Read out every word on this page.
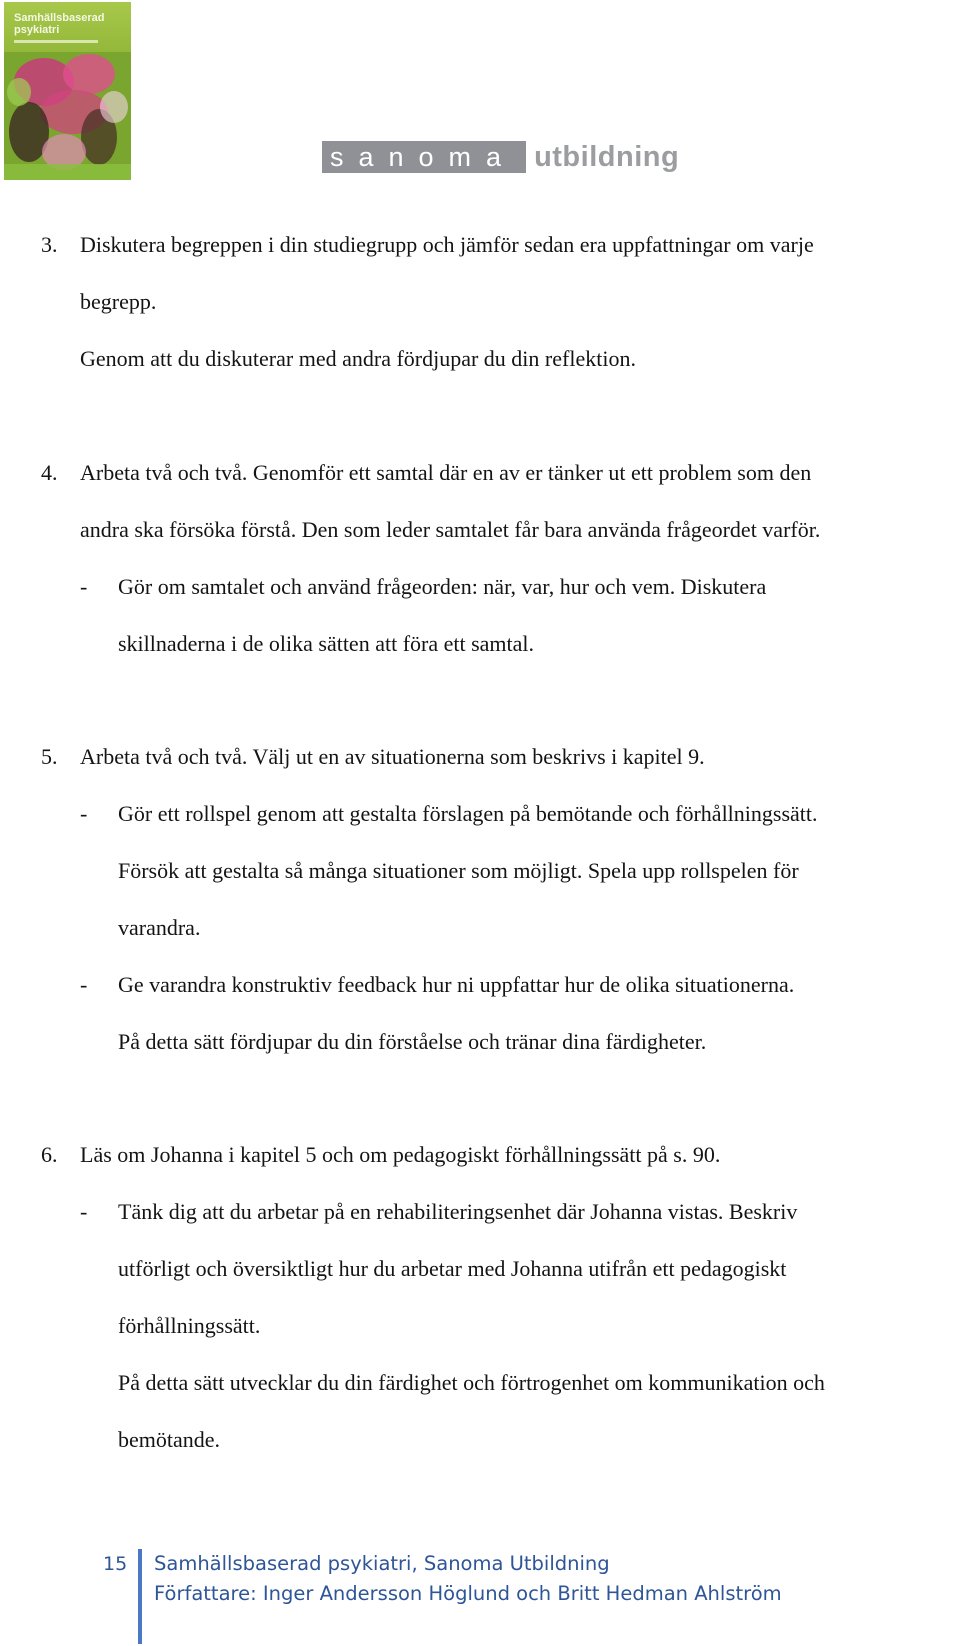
Samhällsbaserad
psykiatri
sanoma utbildning
3. Diskutera begreppen i din studiegrupp och jämför sedan era uppfattningar om varje
begrepp.
Genom att du diskuterar med andra fördjupar du din reflektion.
4. Arbeta två och två. Genomför ett samtal där en av er tänker ut ett problem som den
andra ska försöka förstå. Den som leder samtalet får bara använda frågeordet varför.
- Gör om samtalet och använd frågeorden: när, var, hur och vem. Diskutera
skillnaderna i de olika sätten att föra ett samtal.
5. Arbeta två och två. Välj ut en av situationerna som beskrivs i kapitel 9.
- Gör ett rollspel genom att gestalta förslagen på bemötande och förhållningssätt.
Försök att gestalta så många situationer som möjligt. Spela upp rollspelen för
varandra.
- Ge varandra konstruktiv feedback hur ni uppfattar hur de olika situationerna.
På detta sätt fördjupar du din förståelse och tränar dina färdigheter.
6. Läs om Johanna i kapitel 5 och om pedagogiskt förhållningssätt på s. 90.
- Tänk dig att du arbetar på en rehabiliteringsenhet där Johanna vistas. Beskriv
utförligt och översiktligt hur du arbetar med Johanna utifrån ett pedagogiskt
förhållningssätt.
På detta sätt utvecklar du din färdighet och förtrogenhet om kommunikation och
bemötande.
15 Samhällsbaserad psykiatri, Sanoma Utbildning
Författare: Inger Andersson Höglund och Britt Hedman Ahlström
